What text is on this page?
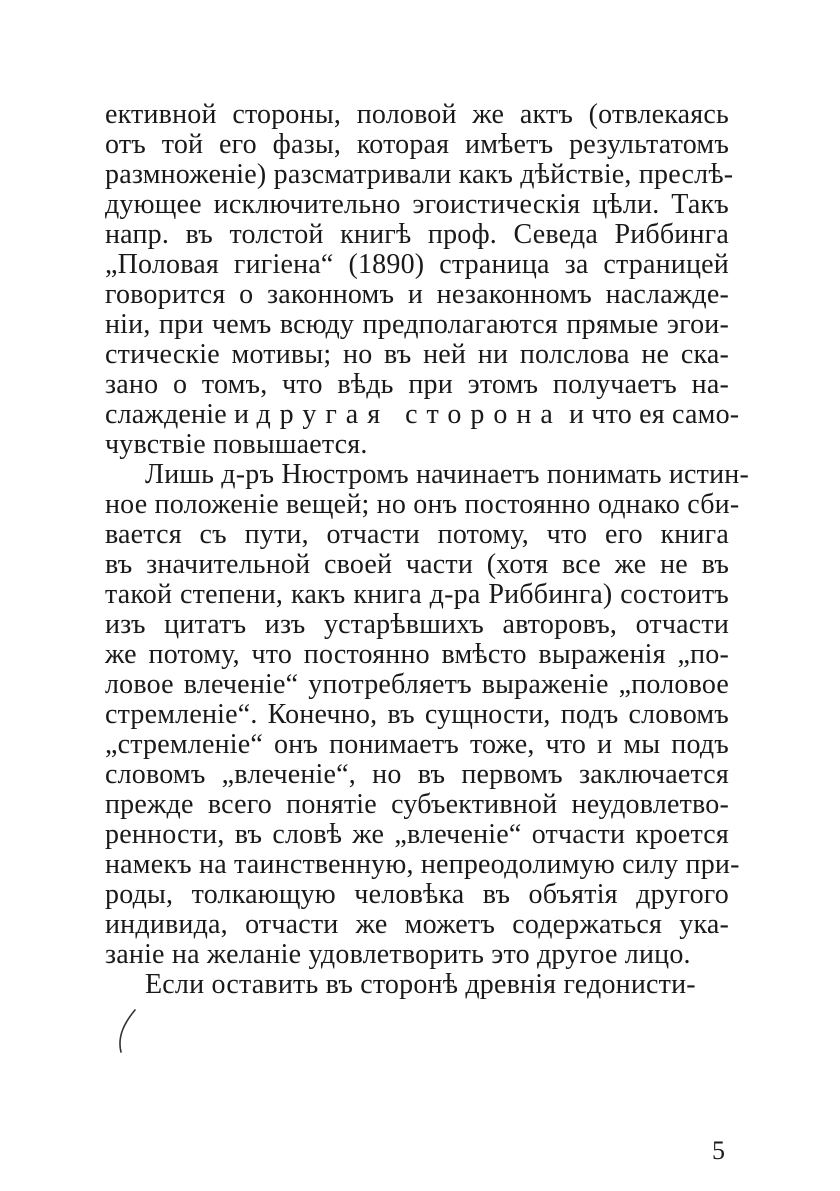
ективной стороны, половой же актъ (отвлекаясь
отъ той его фазы, которая имѣетъ результатомъ
размноженіе) разсматривали какъ дѣйствіе, преслѣ-
дующее исключительно эгоистическія цѣли. Такъ
напр. въ толстой книгѣ проф. Севеда Риббинга
„Половая гигіена“ (1890) страница за страницей
говорится о законномъ и незаконномъ наслажде-
ніи, при чемъ всюду предполагаются прямые эгои-
стическіе мотивы; но въ ней ни полслова не ска-
зано о томъ, что вѣдь при этомъ получаетъ на-
слажденіе и другая сторона и что ея само-
чувствіе повышается.
Лишь д-ръ Нюстромъ начинаетъ понимать истин-
ное положеніе вещей; но онъ постоянно однако сби-
вается съ пути, отчасти потому, что его книга
въ значительной своей части (хотя все же не въ
такой степени, какъ книга д-ра Риббинга) состоитъ
изъ цитатъ изъ устарѣвшихъ авторовъ, отчасти
же потому, что постоянно вмѣсто выраженія „по-
ловое влеченіе“ употребляетъ выраженіе „половое
стремленіе“. Конечно, въ сущности, подъ словомъ
„стремленіе“ онъ понимаетъ тоже, что и мы подъ
словомъ „влеченіе“, но въ первомъ заключается
прежде всего понятіе субъективной неудовлетво-
ренности, въ словѣ же „влеченіе“ отчасти кроется
намекъ на таинственную, непреодолимую силу при-
роды, толкающую человѣка въ объятія другого
индивида, отчасти же можетъ содержаться ука-
заніе на желаніе удовлетворить это другое лицо.
Если оставить въ сторонѣ древнія гедонисти-
5
